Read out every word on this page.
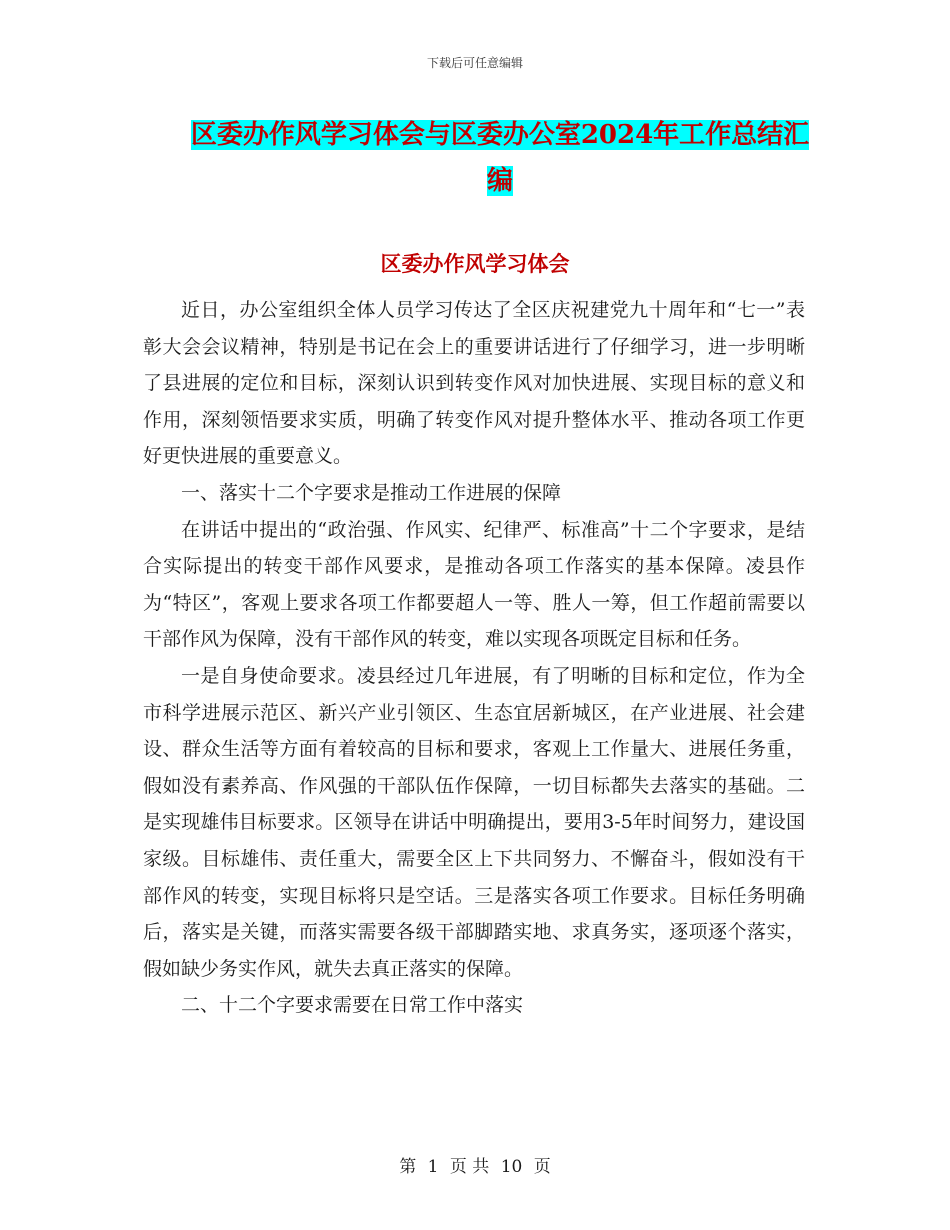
下载后可任意编辑
区委办作风学习体会与区委办公室2024年工作总结汇
编
区委办作风学习体会

近日，办公室组织全体人员学习传达了全区庆祝建党九十周年和“七一”表彰大会会议精神，特别是书记在会上的重要讲话进行了仔细学习，进一步明晰了县进展的定位和目标，深刻认识到转变作风对加快进展、实现目标的意义和作用，深刻领悟要求实质，明确了转变作风对提升整体水平、推动各项工作更好更快进展的重要意义。

一、落实十二个字要求是推动工作进展的保障

在讲话中提出的“政治强、作风实、纪律严、标准高”十二个字要求，是结合实际提出的转变干部作风要求，是推动各项工作落实的基本保障。凌县作为“特区”，客观上要求各项工作都要超人一等、胜人一筹，但工作超前需要以干部作风为保障，没有干部作风的转变，难以实现各项既定目标和任务。

一是自身使命要求。凌县经过几年进展，有了明晰的目标和定位，作为全市科学进展示范区、新兴产业引领区、生态宜居新城区，在产业进展、社会建设、群众生活等方面有着较高的目标和要求，客观上工作量大、进展任务重，假如没有素养高、作风强的干部队伍作保障，一切目标都失去落实的基础。二是实现雄伟目标要求。区领导在讲话中明确提出，要用3-5年时间努力，建设国家级。目标雄伟、责任重大，需要全区上下共同努力、不懈奋斗，假如没有干部作风的转变，实现目标将只是空话。三是落实各项工作要求。目标任务明确后，落实是关键，而落实需要各级干部脚踏实地、求真务实，逐项逐个落实，假如缺少务实作风，就失去真正落实的保障。

二、十二个字要求需要在日常工作中落实

第 1 页 共 10 页
